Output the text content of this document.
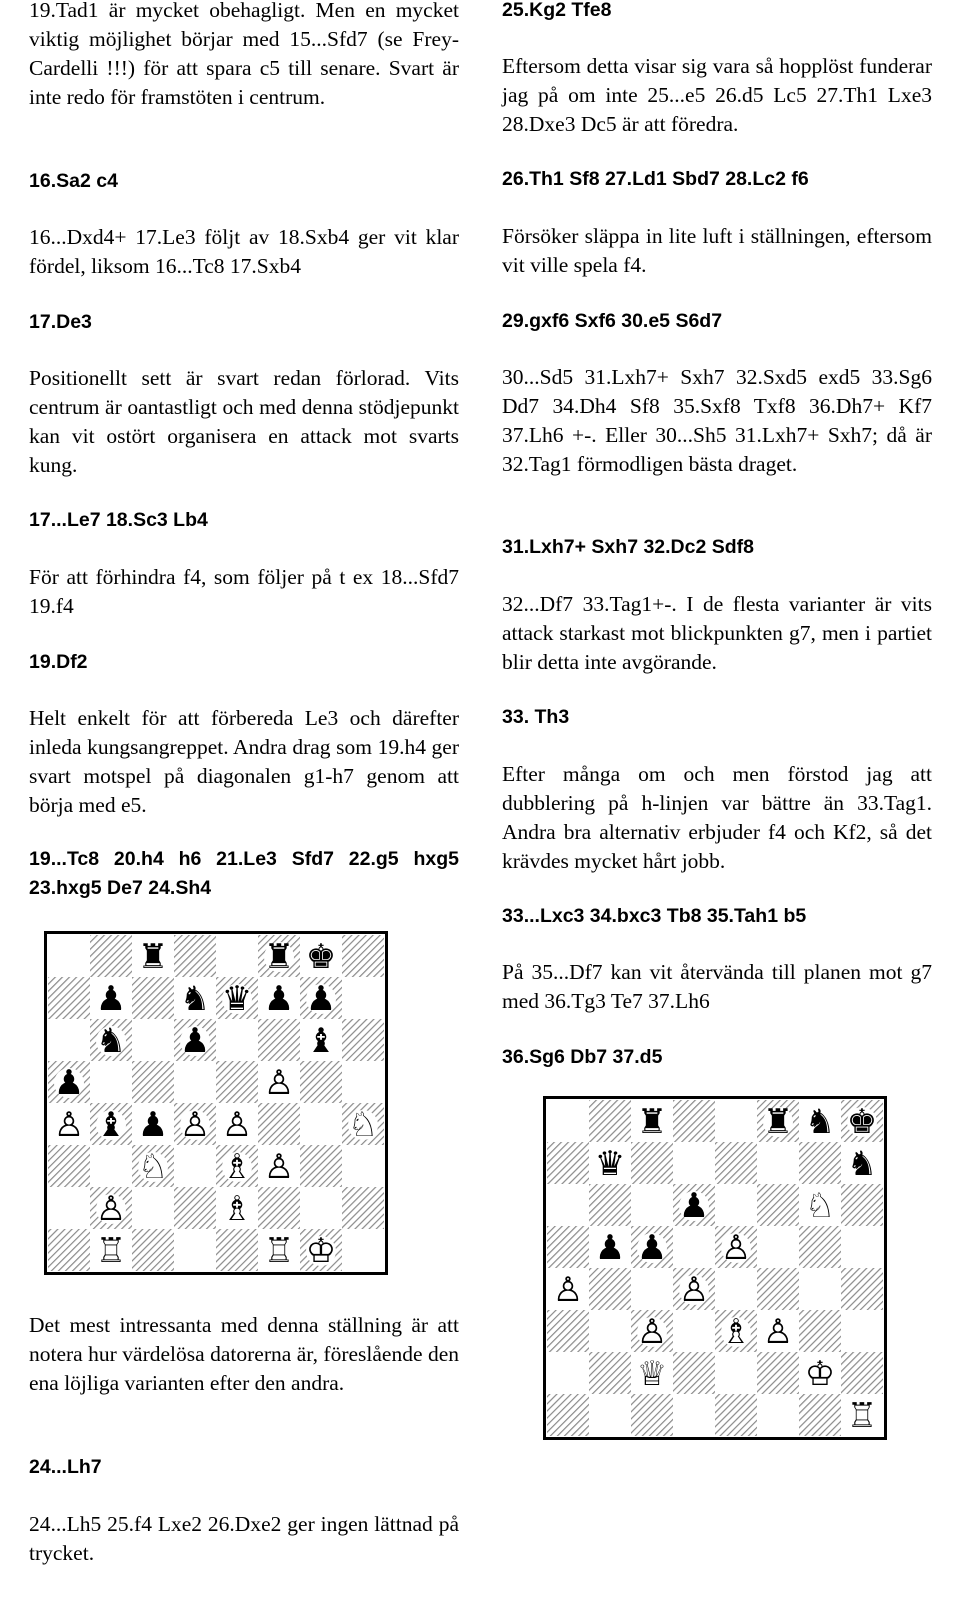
19.Tad1 är mycket obehagligt. Men en mycket viktig möjlighet börjar med 15...Sfd7 (se Frey-Cardelli !!!) för att spara c5 till senare. Svart är inte redo för framstöten i centrum.

16.Sa2 c4

16...Dxd4+ 17.Le3 följt av 18.Sxb4 ger vit klar fördel, liksom 16...Tc8 17.Sxb4

17.De3

Positionellt sett är svart redan förlorad. Vits centrum är oantastligt och med denna stödjepunkt kan vit ostört organisera en attack mot svarts kung.

17...Le7 18.Sc3 Lb4

För att förhindra f4, som följer på t ex 18...Sfd7 19.f4

19.Df2

Helt enkelt för att förbereda Le3 och därefter inleda kungsangreppet. Andra drag som 19.h4 ger svart motspel på diagonalen g1-h7 genom att börja med e5.

19...Tc8 20.h4 h6 21.Le3 Sfd7 22.g5 hxg5 23.hxg5 De7 24.Sh4

Det mest intressanta med denna ställning är att notera hur värdelösa datorerna är, föreslående den ena löjliga varianten efter den andra.

24...Lh7

24...Lh5 25.f4 Lxe2 26.Dxe2 ger ingen lättnad på trycket.

25.Kg2 Tfe8

Eftersom detta visar sig vara så hopplöst funderar jag på om inte 25...e5 26.d5 Lc5 27.Th1 Lxe3 28.Dxe3 Dc5 är att föredra.

26.Th1 Sf8 27.Ld1 Sbd7 28.Lc2 f6

Försöker släppa in lite luft i ställningen, eftersom vit ville spela f4.

29.gxf6 Sxf6 30.e5 S6d7

30...Sd5 31.Lxh7+ Sxh7 32.Sxd5 exd5 33.Sg6 Dd7 34.Dh4 Sf8 35.Sxf8 Txf8 36.Dh7+ Kf7 37.Lh6 +-. Eller 30...Sh5 31.Lxh7+ Sxh7; då är 32.Tag1 förmodligen bästa draget.

31.Lxh7+ Sxh7 32.Dc2 Sdf8

32...Df7 33.Tag1+-. I de flesta varianter är vits attack starkast mot blickpunkten g7, men i partiet blir detta inte avgörande.

33. Th3

Efter många om och men förstod jag att dubblering på h-linjen var bättre än 33.Tag1. Andra bra alternativ erbjuder f4 och Kf2, så det krävdes mycket hårt jobb.

33...Lxc3 34.bxc3 Tb8 35.Tah1 b5

På 35...Df7 kan vit återvända till planen mot g7 med 36.Tg3 Te7 37.Lh6

36.Sg6 Db7 37.d5

♜	♜ ♚
♟ ♞ ♛ ♟ ♟
♞ ♟	♝
♟	♙
♙ ♝ ♟ ♙ ♙	♘
♘ ♗ ♙
♙	♗
♖	♖ ♔
♜	♜ ♞ ♚
♛	♞
♟	♘
♟ ♟ ♙
♙	♙
♙ ♗ ♙
♕	♔
♖
